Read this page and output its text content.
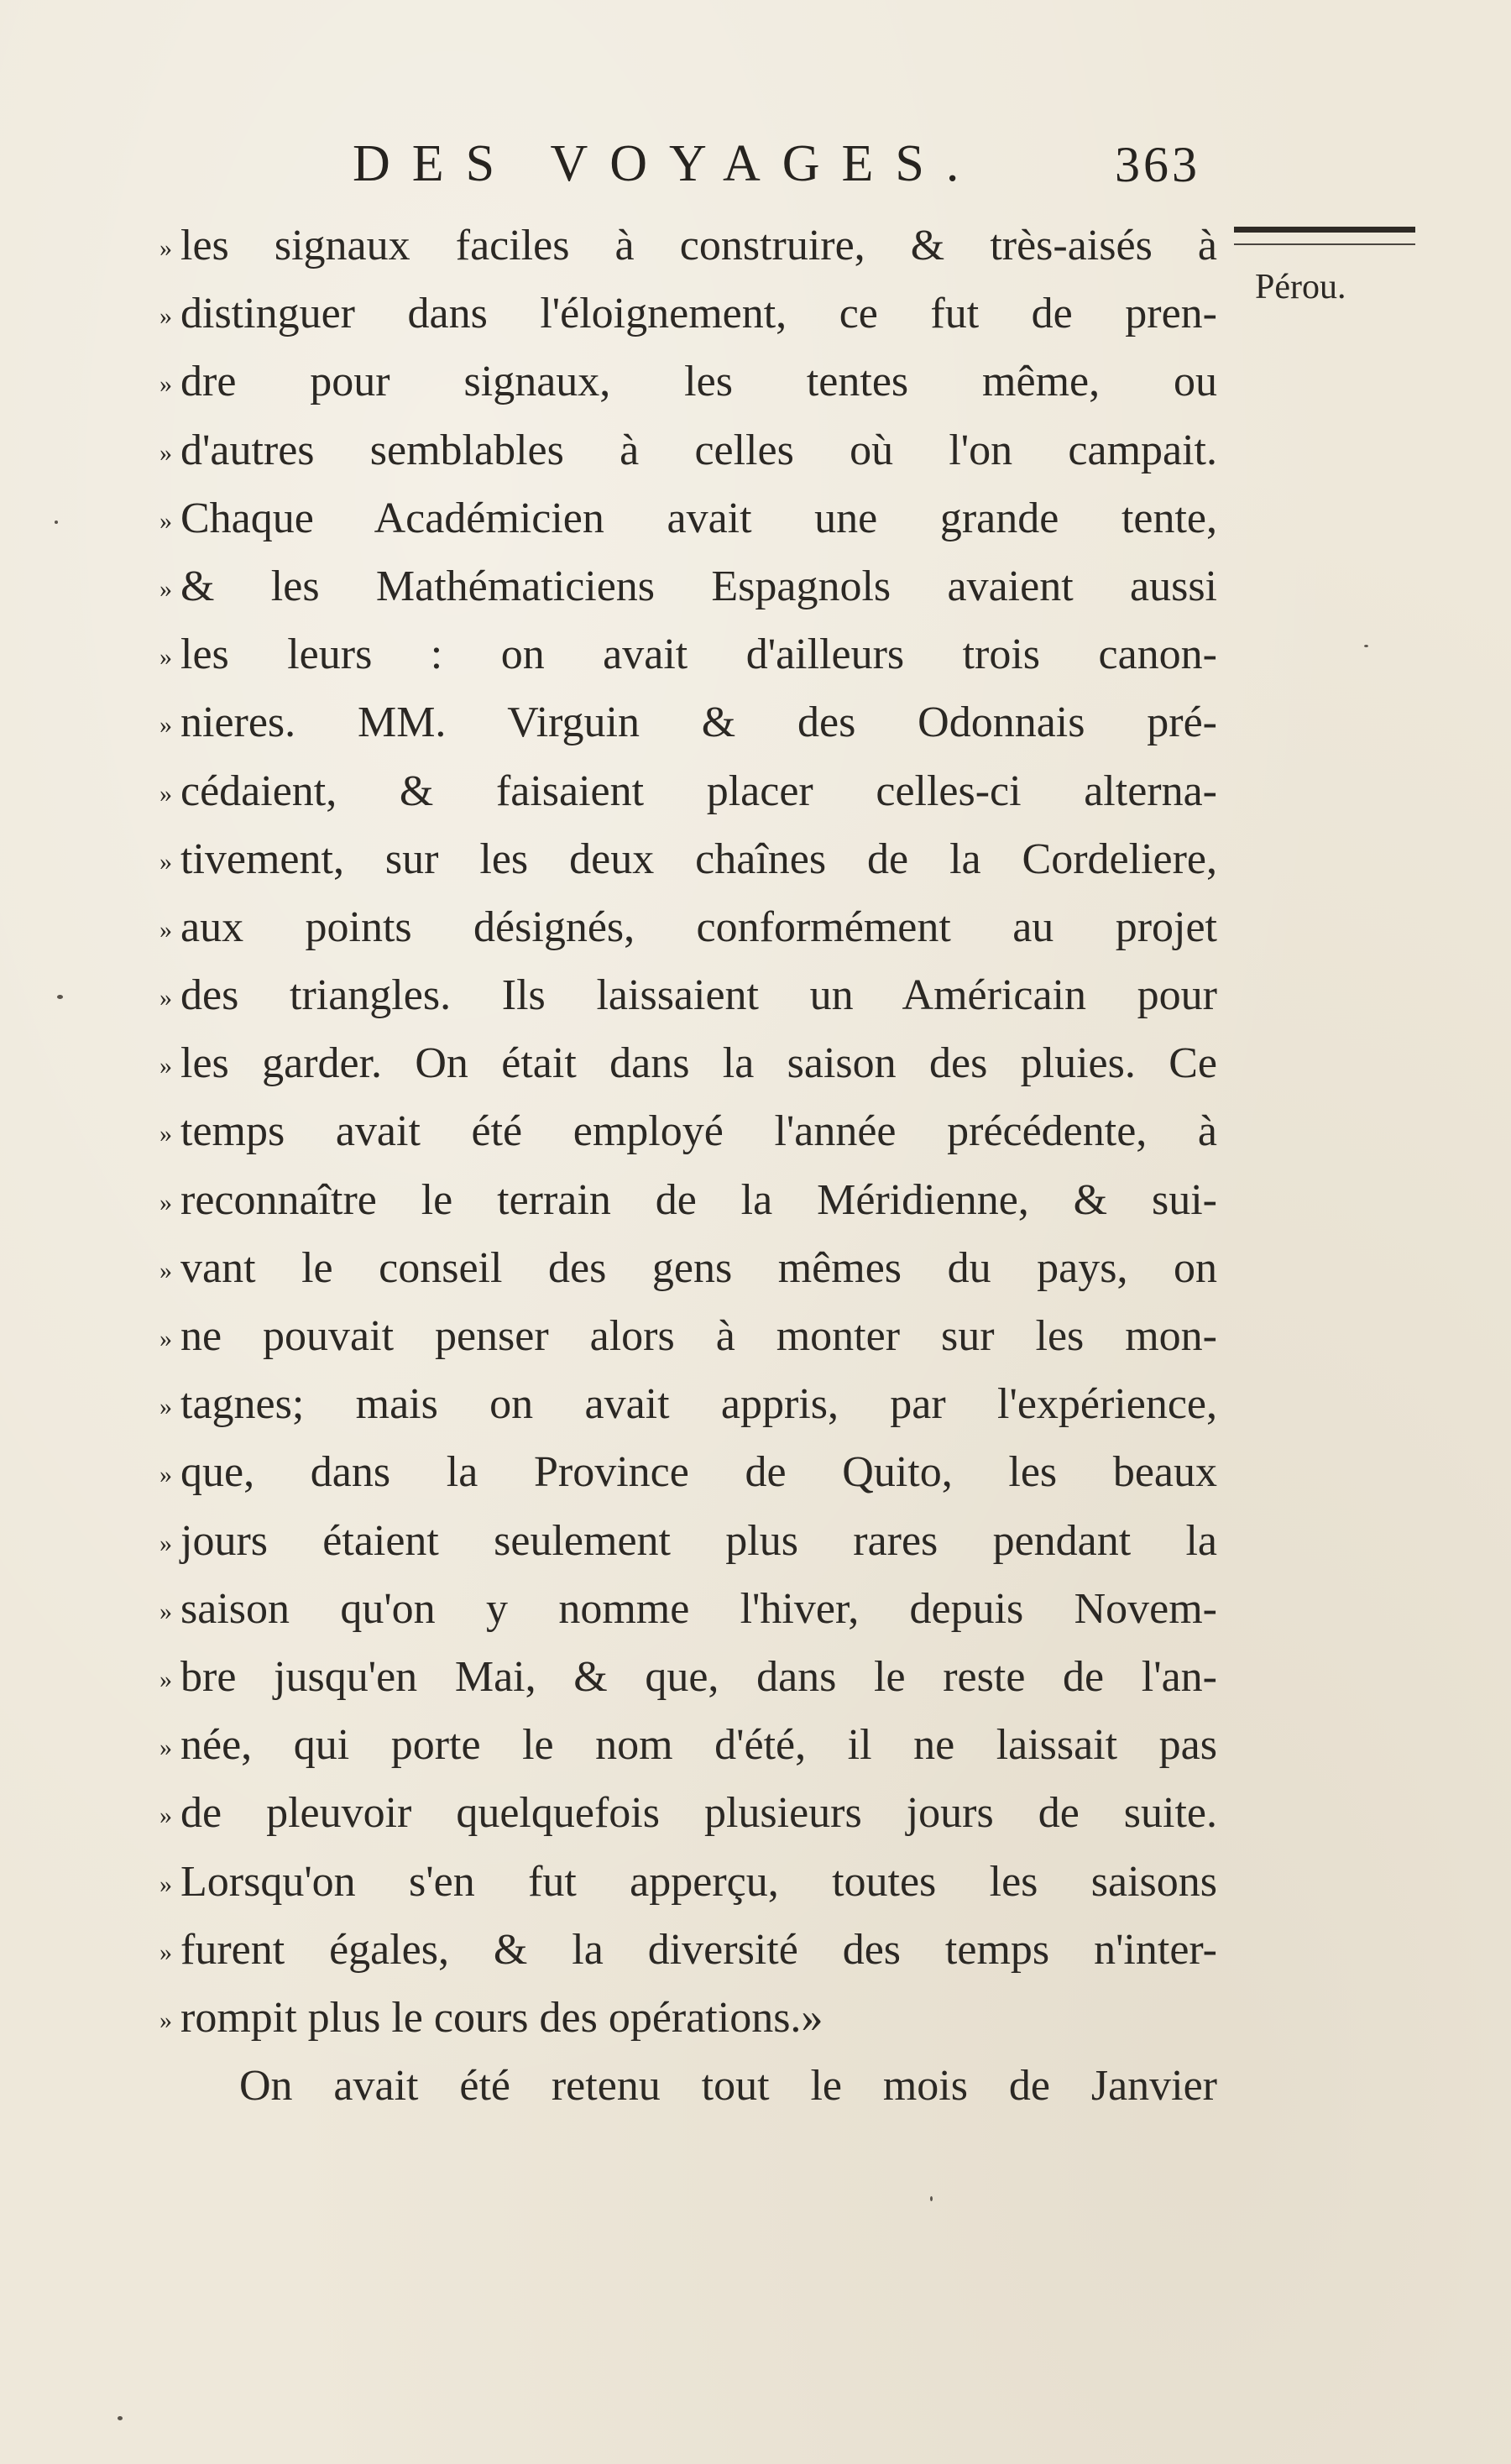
DES VOYAGES.	363
Pérou.
» les signaux faciles à construire, & très-aisés à
» distinguer dans l'éloignement, ce fut de pren-
» dre pour signaux, les tentes même, ou
» d'autres semblables à celles où l'on campait.
» Chaque Académicien avait une grande tente,
» & les Mathématiciens Espagnols avaient aussi
» les leurs : on avait d'ailleurs trois canon-
» nieres. MM. Virguin & des Odonnais pré-
» cédaient, & faisaient placer celles-ci alterna-
» tivement, sur les deux chaînes de la Cordeliere,
» aux points désignés, conformément au projet
» des triangles. Ils laissaient un Américain pour
» les garder. On était dans la saison des pluies. Ce
» temps avait été employé l'année précédente, à
» reconnaître le terrain de la Méridienne, & sui-
» vant le conseil des gens mêmes du pays, on
» ne pouvait penser alors à monter sur les mon-
» tagnes; mais on avait appris, par l'expérience,
» que, dans la Province de Quito, les beaux
» jours étaient seulement plus rares pendant la
» saison qu'on y nomme l'hiver, depuis Novem-
» bre jusqu'en Mai, & que, dans le reste de l'an-
» née, qui porte le nom d'été, il ne laissait pas
» de pleuvoir quelquefois plusieurs jours de suite.
» Lorsqu'on s'en fut apperçu, toutes les saisons
» furent égales, & la diversité des temps n'inter-
» rompit plus le cours des opérations.»
On avait été retenu tout le mois de Janvier
